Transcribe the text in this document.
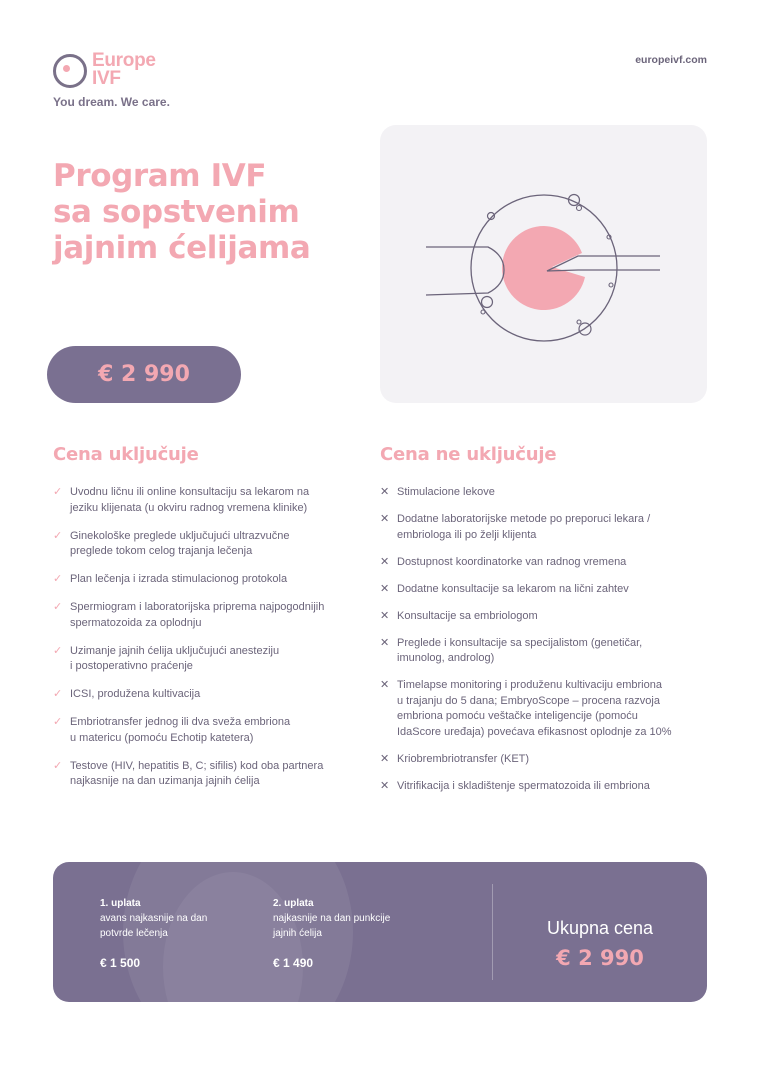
Europe
IVF
You dream. We care.
europeivf.com
Program IVF
sa sopstvenim
jajnim ćelijama
€ 2 990
Cena uključuje
✓ Uvodnu ličnu ili online konsultaciju sa lekarom na
jeziku klijenata (u okviru radnog vremena klinike)
✓ Ginekološke preglede uključujući ultrazvučne
preglede tokom celog trajanja lečenja
✓ Plan lečenja i izrada stimulacionog protokola
✓ Spermiogram i laboratorijska priprema najpogodnijih
spermatozoida za oplodnju
✓ Uzimanje jajnih ćelija uključujući anesteziju
i postoperativno praćenje
✓ ICSI, produžena kultivacija
✓ Embriotransfer jednog ili dva sveža embriona
u matericu (pomoću Echotip katetera)
✓ Testove (HIV, hepatitis B, C; sifilis) kod oba partnera
najkasnije na dan uzimanja jajnih ćelija
Cena ne uključuje
✕ Stimulacione lekove
✕ Dodatne laboratorijske metode po preporuci lekara /
embriologa ili po želji klijenta
✕ Dostupnost koordinatorke van radnog vremena
✕ Dodatne konsultacije sa lekarom na lični zahtev
✕ Konsultacije sa embriologom
✕ Preglede i konsultacije sa specijalistom (genetičar,
imunolog, androlog)
✕ Timelapse monitoring i produženu kultivaciju embriona
u trajanju do 5 dana; EmbryoScope – procena razvoja
embriona pomoću veštačke inteligencije (pomoću
IdaScore uređaja) povećava efikasnost oplodnje za 10%
✕ Kriobrembriotransfer (KET)
✕ Vitrifikacija i skladištenje spermatozoida ili embriona
1. uplata
avans najkasnije na dan
potvrde lečenja
€ 1 500
2. uplata
najkasnije na dan punkcije
jajnih ćelija
€ 1 490
Ukupna cena
€ 2 990
